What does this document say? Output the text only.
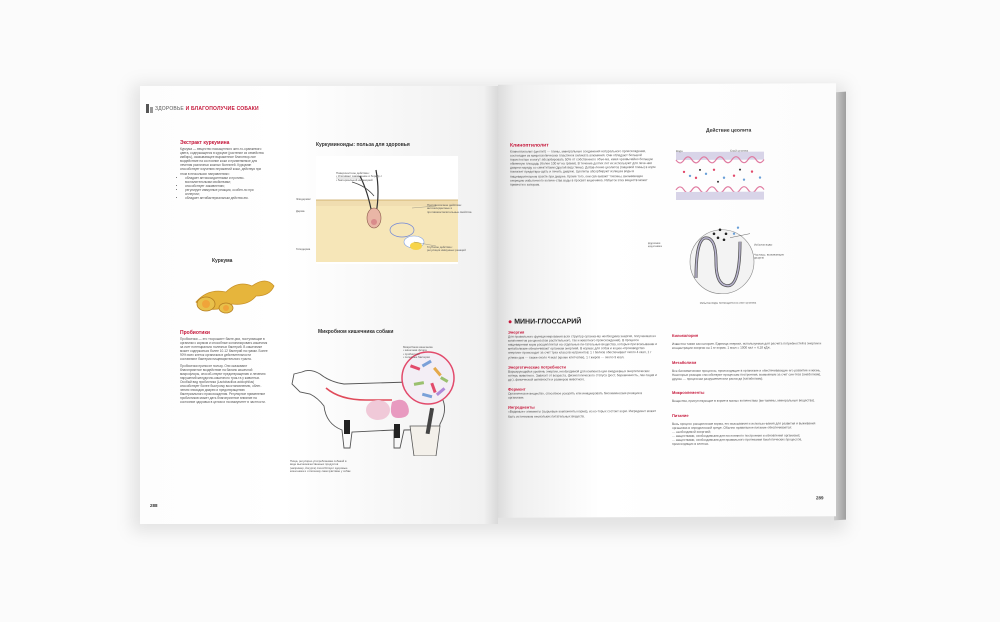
ЗДОРОВЬЕ И БЛАГОПОЛУЧИЕ СОБАКИ
Экстракт куркумина
Куркума — вещество насыщенного жел-то-оранжевого цвета, содержащееся в куркуме (растение из семейства имбирь), оказывающее выраженное благотвор-ное воздействие на состояние кожи и применяемое для лечения различных кожных болезней. Куркумин способствует изучению пеpaжeний кожи, действуя при этом в нескольких направлениях:
• обладает антиоксидантными и противо-воспалительными свойствами;
• способствует заживлению;
• регулирует иммунные реакции, особен-но при аллергии;
• обладает антибактериальным действи-ем.
Куркума
Куркуминоиды: польза для здоровья
Поверхностное действие:
• Усиливает заживление и борьбу с
• бактериальной инфекцией
Противоотечное действие:
антиоксидантные и противовоспалительные свойства
Глубокое действие:
регуляция иммунных реакций
Эпидермис
Дерма
Гиподерма
Пробиотики
Пробиотики — это «хорошие» бакте-рии, поступающие в организм с кормом и способные колонизировать кишечник за счет потенциально полезных бактерий. В кишечнике может содержаться более 10-12 бактерий на грамм. Более 90% всех клеток организма в действительности составляют бактерии пищеварительного тракта.
Пробиотики приносят пользу. Они оказывают благоприятное воздействие на баланс кишечной микрофлоры, способ-ствуют предотвращению и лечению нарушений желудочно-кишечного трак-та у животных. Особый вид пробиотика (Lactobacillus acidophilus) способствует более быстрому восстановлению, облег-чению эпизодов диареи и предотвращению бактериального происхождения. Регулярное применение пробиотиков может дать благоприятное влияние на состояние здоровья в целом и на иммунитет в частности.
Микробиом кишечника собаки
Микробиом кишечника
• кишечная флора
• пробиотики
• полезные бактерии
Пища, регулярно употребляемая собакой в виде высококачественных продуктов (например, йогурта) способствует здоровью кишечника и отличному самочувствию у собак.
288
Клиноптилолит
Клиноптилолит (цеолит) — глины, минеральные соединения натурального происхождения, состоящие из микроскопических пластинок силиката алюминия. Они обладают большой пористостью и могут абсорбировать 50% от собственного объе-ма, имея чрезвычайно большую обменную площадь (более 100 м² на грамм). В течение долгих лет их используют для лече-ния диареи наряду со смектитами (другой вид глины). Добав-ление цеолитов (пищевой глины) в корм помогает предотвра-щать и лечить диарею. Цеолиты абсорбируют излишек воды в пищеварительном тракте при диарее. Кроме того, они свя-зывают токсины, вызывающие секрецию избыточного количе-ства воды в просвет кишечника. Избыток этих веществ может привести к запорам.
Действие цеолита
Вода	Слой цеолита
Ворсинки кишечника	Избыток воды
Частицы, вызывающие диарею
Избыток воды поглощается в слое цеолита
● МИНИ-ГЛОССАРИЙ
Энергия
Для правильного функционирования всех структур организ-му необходима энергия, получаемая из компонентов ра-циона (как растительного, так и животного происхождения). В процессе пищеварения корм расщепляется на отдельные пи-тательные вещества, которые при всасывании и метаболизме обеспечивают организм энергией. В кормах для собак и кошек «производство энергии» происходит за счет трех классов нутриентов: 1 г белков обеспечивает около 4 ккал, 1 г углево-дов — также около 4 ккал (кроме клетчатки), 1 г жиров — около 9 ккал.
Энергетические потребности
Варьирующийся уровень энергии, необходимой для компенса-ции ежедневных энергетических потерь животного. Зависит от возраста, физиологического статуса (рост, беременность, лак-тация и др.), физической активности и размеров животного.
Фермент
Органическое вещество, способное ускорять или инициировать биохимические реакции в организме.
Ингредиенты
«Видимые» элементы (сырьевые компоненты корма), из ко-торых состоит корм. Ингредиент может быть источником нескольких питательных веществ.

Килокалория

Известна также как калория. Единица энергии, используемая для расчета потребностей в энергии и концентрации энергии на 1 кг корма. 1 ккал = 1000 кал = 4,18 кДж.

Метаболизм

Все биохимические процессы, происходящие в организме и обеспечивающие его развитие и жизнь. Некоторые реакции способствуют процессам построения, возможным за счет син-теза (анаболизм), другие — процессам разрушения или распа-да (катаболизм).

Микроэлементы

Вещества, присутствующие в корме в малых количествах (ви-тамины, минеральные вещества).

Питание

Весь процесс расщепления корма, его всасывания и использо-вания для развития и выживания организма в определенной среде. Обычно правильное питание обеспечивается:
— необходимой энергией;
— веществами, необходимыми для постоянного построения и обновления организма;
— веществами, необходимыми для правильного протекания биологических процессов, происходящих в клетках.

289
